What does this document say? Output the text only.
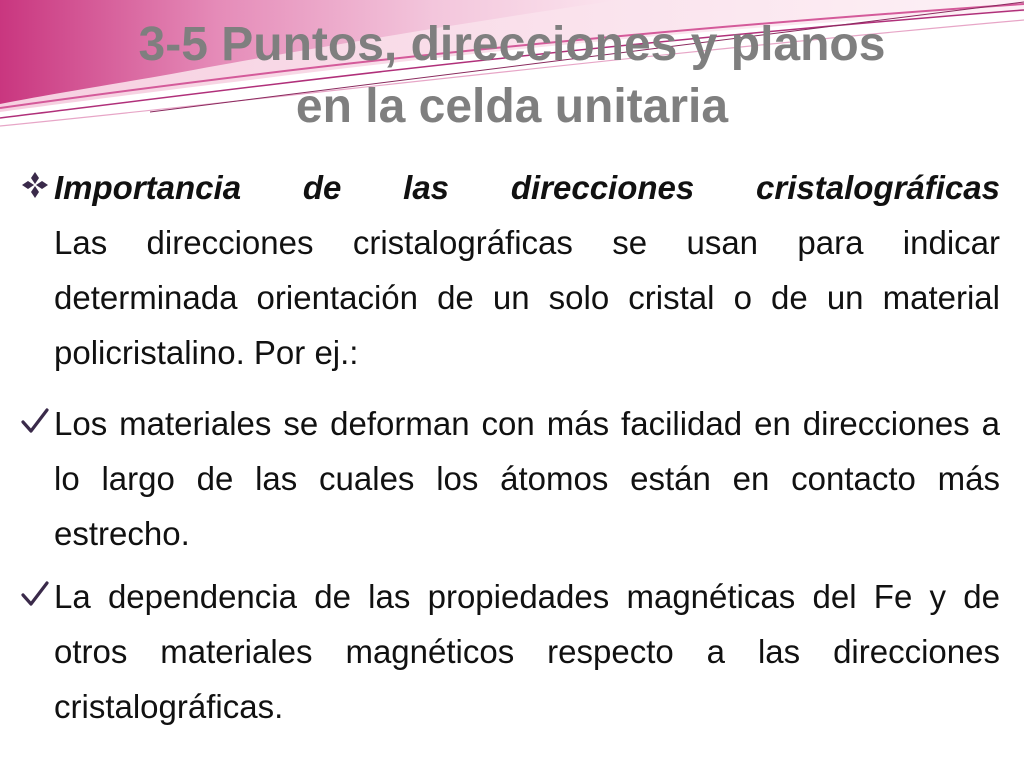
3-5 Puntos, direcciones y planos
en la celda unitaria
Importancia de las direcciones cristalográficas
Las direcciones cristalográficas se usan para indicar determinada orientación de un solo cristal o de un material policristalino. Por ej.:
Los materiales se deforman con más facilidad en direcciones a lo largo de las cuales los átomos están en contacto más estrecho.
La dependencia de las propiedades magnéticas del Fe y de otros materiales magnéticos respecto a las direcciones cristalográficas.
